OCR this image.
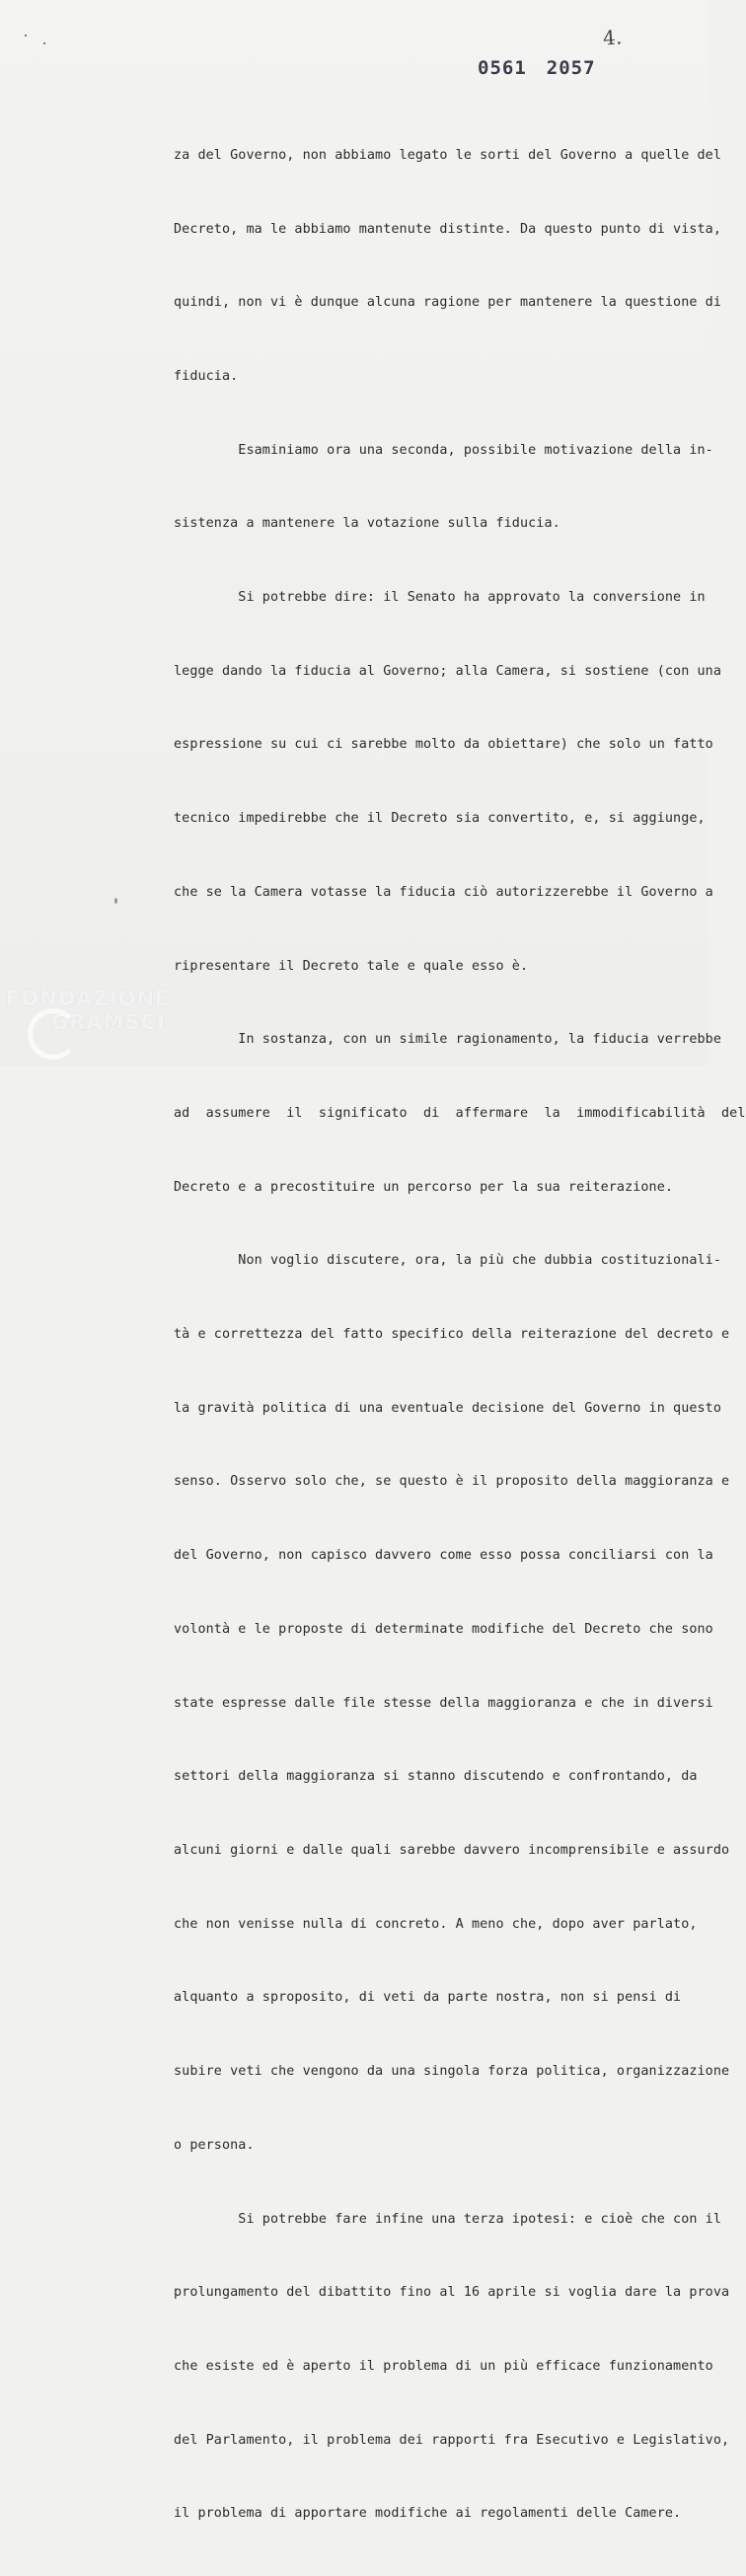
4.
0561 2057

za del Governo, non abbiamo legato le sorti del Governo a quelle del

Decreto, ma le abbiamo mantenute distinte. Da questo punto di vista,

quindi, non vi è dunque alcuna ragione per mantenere la questione di

fiducia.

Esaminiamo ora una seconda, possibile motivazione della in-

sistenza a mantenere la votazione sulla fiducia.

Si potrebbe dire: il Senato ha approvato la conversione in

legge dando la fiducia al Governo; alla Camera, si sostiene (con una

espressione su cui ci sarebbe molto da obiettare) che solo un fatto

tecnico impedirebbe che il Decreto sia convertito, e, si aggiunge,

che se la Camera votasse la fiducia ciò autorizzerebbe il Governo a

ripresentare il Decreto tale e quale esso è.

In sostanza, con un simile ragionamento, la fiducia verrebbe

ad  assumere  il  significato  di  affermare  la  immodificabilità  del

Decreto e a precostituire un percorso per la sua reiterazione.

Non voglio discutere, ora, la più che dubbia costituzionali-

tà e correttezza del fatto specifico della reiterazione del decreto e

la gravità politica di una eventuale decisione del Governo in questo

senso. Osservo solo che, se questo è il proposito della maggioranza e

del Governo, non capisco davvero come esso possa conciliarsi con la

volontà e le proposte di determinate modifiche del Decreto che sono

state espresse dalle file stesse della maggioranza e che in diversi

settori della maggioranza si stanno discutendo e confrontando, da

alcuni giorni e dalle quali sarebbe davvero incomprensibile e assurdo

che non venisse nulla di concreto. A meno che, dopo aver parlato,

alquanto a sproposito, di veti da parte nostra, non si pensi di

subire veti che vengono da una singola forza politica, organizzazione

o persona.

Si potrebbe fare infine una terza ipotesi: e cioè che con il

prolungamento del dibattito fino al 16 aprile si voglia dare la prova

che esiste ed è aperto il problema di un più efficace funzionamento

del Parlamento, il problema dei rapporti fra Esecutivo e Legislativo,

il problema di apportare modifiche ai regolamenti delle Camere.

FONDAZIONE
GRAMSCI
